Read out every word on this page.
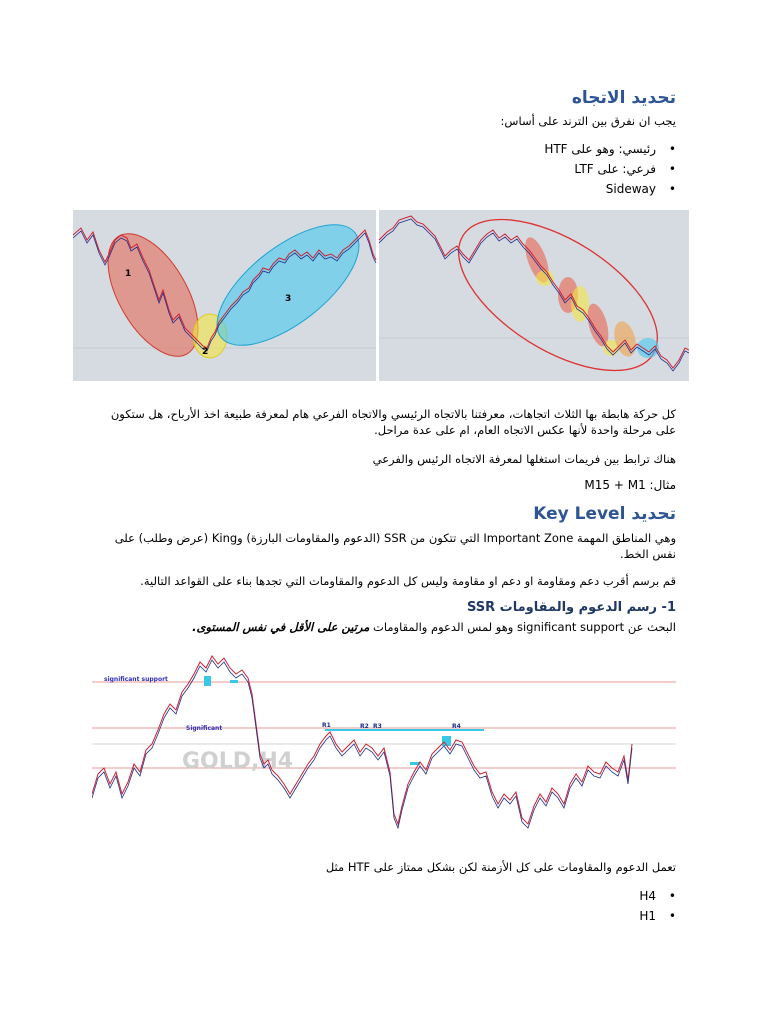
تحديد الاتجاه
يجب ان نفرق بين الترند على أساس:
رئيسي: وهو على HTF •
فرعي: على LTF •
Sideway •
1
2
3
كل حركة هابطة بها الثلاث اتجاهات، معرفتنا بالاتجاه الرئيسي والاتجاه الفرعي هام لمعرفة طبيعة اخذ الأرباح، هل ستكون على مرحلة واحدة لأنها عكس الاتجاه العام، ام على عدة مراحل.
هناك ترابط بين فريمات استغلها لمعرفة الاتجاه الرئيس والفرعي
مثال: M15 + M1
تحديد Key Level
وهي المناطق المهمة Important Zone التي تتكون من SSR (الدعوم والمقاومات البارزة) وKing (عرض وطلب) على نفس الخط.
قم برسم أقرب دعم ومقاومة او دعم او مقاومة وليس كل الدعوم والمقاومات التي تجدها بناء على القواعد التالية.
1- رسم الدعوم والمقاومات SSR
البحث عن significant support وهو لمس الدعوم والمقاومات مرتين على الأقل في نفس المستوى.
significant support
Significant
GOLD,H4
R1	R2 R3	R4
تعمل الدعوم والمقاومات على كل الأزمنة لكن بشكل ممتاز على HTF مثل
H4 •
H1 •
